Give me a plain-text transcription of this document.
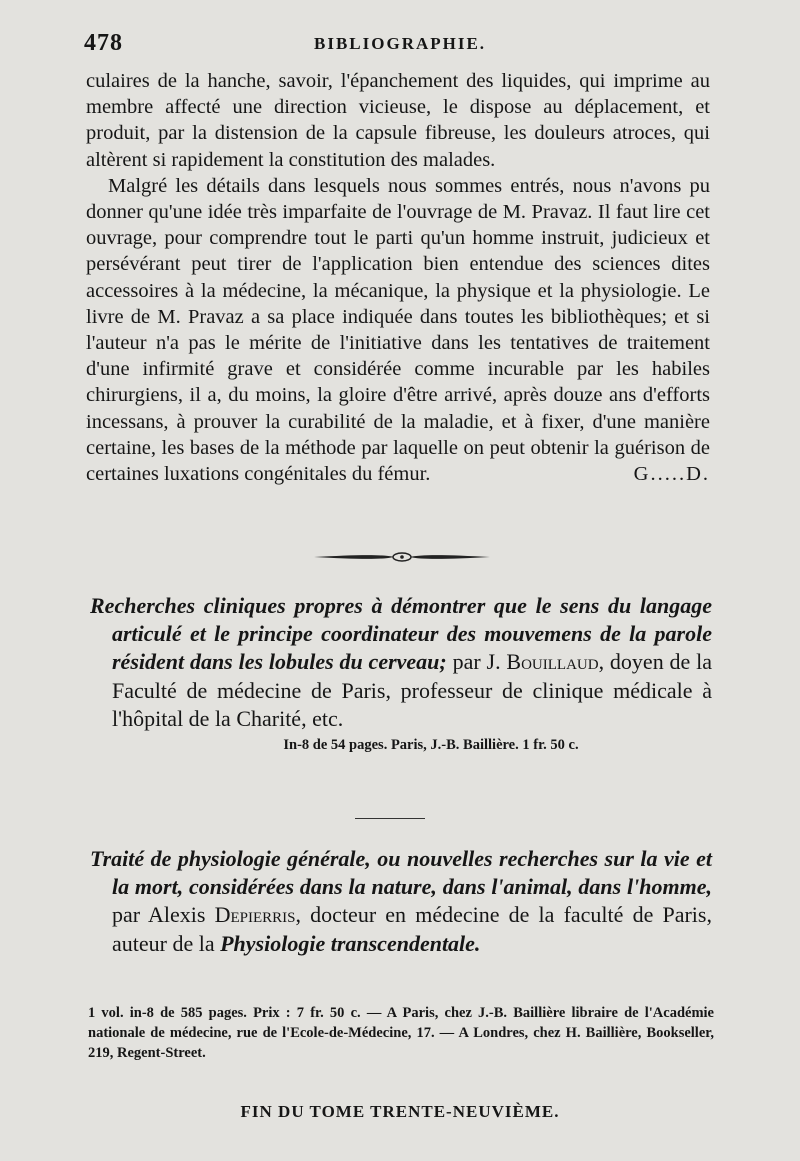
478	BIBLIOGRAPHIE.

culaires de la hanche, savoir, l'épanchement des liquides, qui imprime au membre affecté une direction vicieuse, le dispose au déplacement, et produit, par la distension de la capsule fibreuse, les douleurs atroces, qui altèrent si rapidement la constitution des malades.

Malgré les détails dans lesquels nous sommes entrés, nous n'avons pu donner qu'une idée très imparfaite de l'ouvrage de M. Pravaz. Il faut lire cet ouvrage, pour comprendre tout le parti qu'un homme instruit, judicieux et persévérant peut tirer de l'application bien entendue des sciences dites accessoires à la médecine, la mécanique, la physique et la physiologie. Le livre de M. Pravaz a sa place indiquée dans toutes les bibliothèques; et si l'auteur n'a pas le mérite de l'initiative dans les tentatives de traitement d'une infirmité grave et considérée comme incurable par les habiles chirurgiens, il a, du moins, la gloire d'être arrivé, après douze ans d'efforts incessans, à prouver la curabilité de la maladie, et à fixer, d'une manière certaine, les bases de la méthode par laquelle on peut obtenir la guérison de certaines luxations congénitales du fémur.	G.....D.

Recherches cliniques propres à démontrer que le sens du langage articulé et le principe coordinateur des mouvemens de la parole résident dans les lobules du cerveau; par J. Bouillaud, doyen de la Faculté de médecine de Paris, professeur de clinique médicale à l'hôpital de la Charité, etc.

In-8 de 54 pages. Paris, J.-B. Baillière. 1 fr. 50 c.

Traité de physiologie générale, ou nouvelles recherches sur la vie et la mort, considérées dans la nature, dans l'animal, dans l'homme, par Alexis Depierris, docteur en médecine de la faculté de Paris, auteur de la Physiologie transcendentale.

1 vol. in-8 de 585 pages. Prix : 7 fr. 50 c. — A Paris, chez J.-B. Baillière libraire de l'Académie nationale de médecine, rue de l'Ecole-de-Médecine, 17. — A Londres, chez H. Baillière, Bookseller, 219, Regent-Street.

FIN DU TOME TRENTE-NEUVIÈME.
